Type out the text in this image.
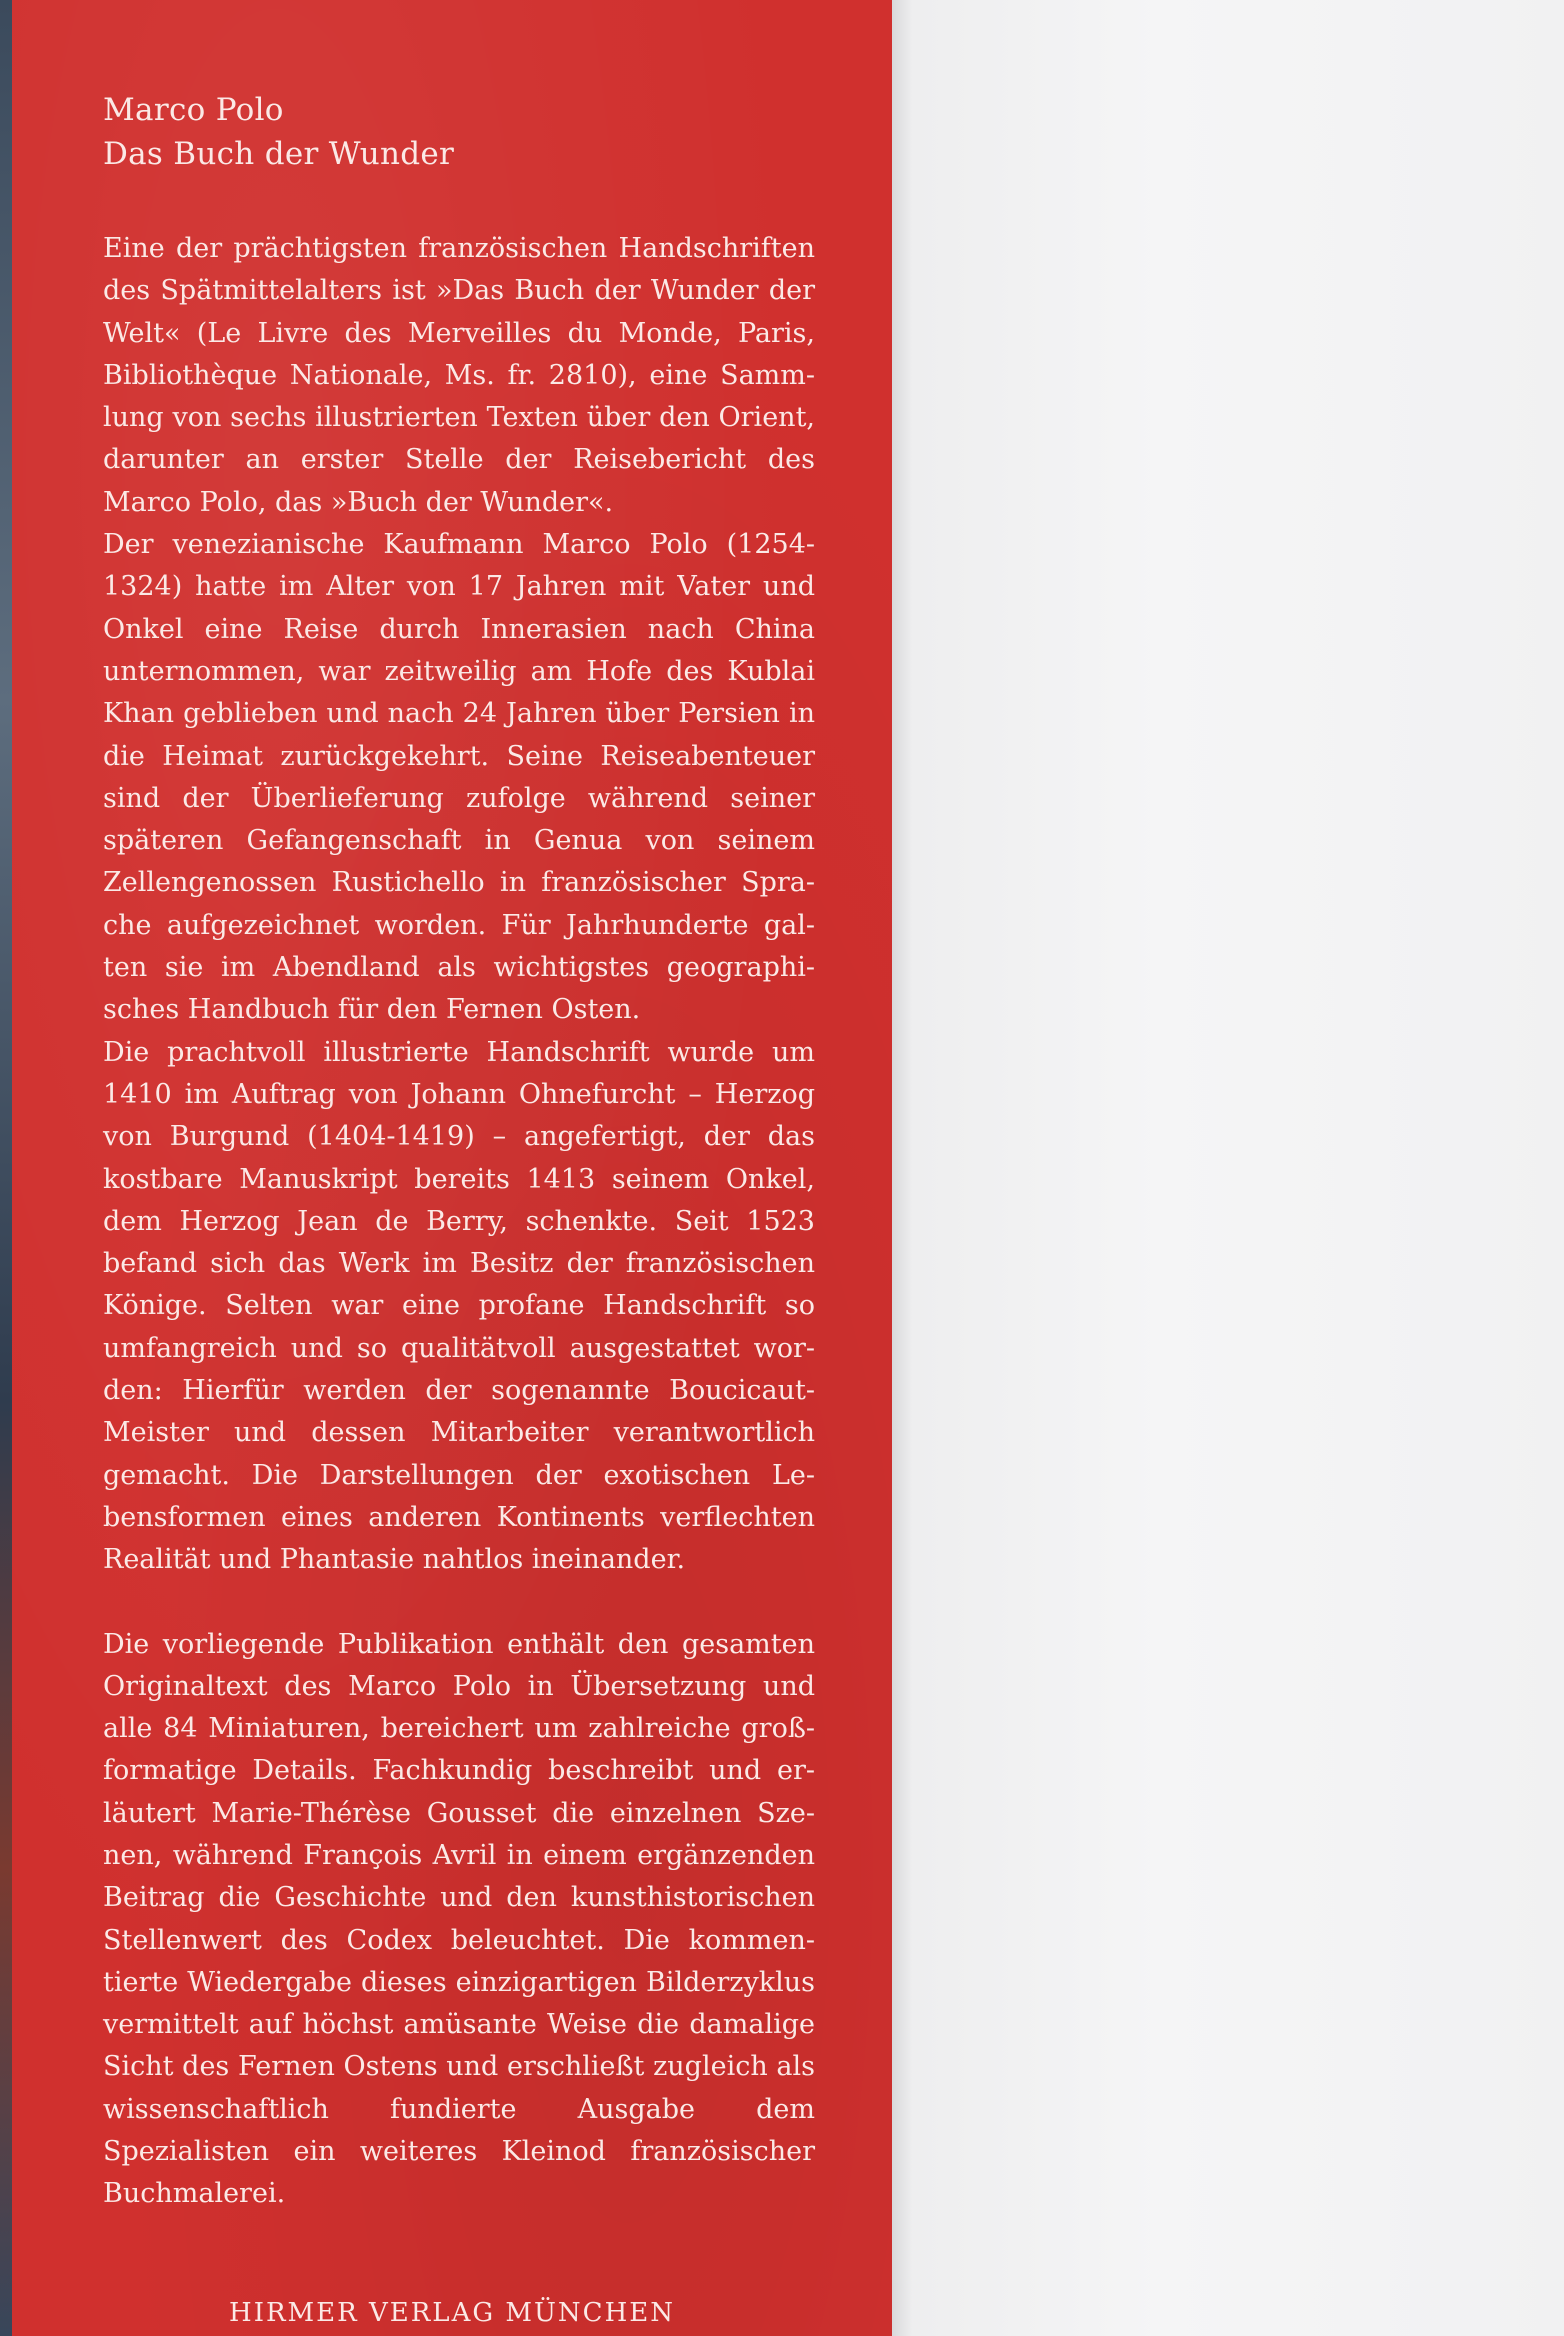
Marco Polo
Das Buch der Wunder

Eine der prächtigsten französischen Handschriften des Spätmittelalters ist »Das Buch der Wunder der Welt« (Le Livre des Merveilles du Monde, Paris, Bibliothèque Nationale, Ms. fr. 2810), eine Sammlung von sechs illustrierten Texten über den Orient, darunter an erster Stelle der Reisebericht des Marco Polo, das »Buch der Wunder«.

Der venezianische Kaufmann Marco Polo (1254-1324) hatte im Alter von 17 Jahren mit Vater und Onkel eine Reise durch Innerasien nach China unternommen, war zeitweilig am Hofe des Kublai Khan geblieben und nach 24 Jahren über Persien in die Heimat zurückgekehrt. Seine Reiseabenteuer sind der Überlieferung zufolge während seiner späteren Gefangenschaft in Genua von seinem Zellengenossen Rustichello in französischer Sprache aufgezeichnet worden. Für Jahrhunderte galten sie im Abendland als wichtigstes geographisches Handbuch für den Fernen Osten.

Die prachtvoll illustrierte Handschrift wurde um 1410 im Auftrag von Johann Ohnefurcht – Herzog von Burgund (1404-1419) – angefertigt, der das kostbare Manuskript bereits 1413 seinem Onkel, dem Herzog Jean de Berry, schenkte. Seit 1523 befand sich das Werk im Besitz der französischen Könige. Selten war eine profane Handschrift so umfangreich und so qualitätvoll ausgestattet worden: Hierfür werden der sogenannte Boucicaut-Meister und dessen Mitarbeiter verantwortlich gemacht. Die Darstellungen der exotischen Lebensformen eines anderen Kontinents verflechten Realität und Phantasie nahtlos ineinander.

Die vorliegende Publikation enthält den gesamten Originaltext des Marco Polo in Übersetzung und alle 84 Miniaturen, bereichert um zahlreiche großformatige Details. Fachkundig beschreibt und erläutert Marie-Thérèse Gousset die einzelnen Szenen, während François Avril in einem ergänzenden Beitrag die Geschichte und den kunsthistorischen Stellenwert des Codex beleuchtet. Die kommentierte Wiedergabe dieses einzigartigen Bilderzyklus vermittelt auf höchst amüsante Weise die damalige Sicht des Fernen Ostens und erschließt zugleich als wissenschaftlich fundierte Ausgabe dem Spezialisten ein weiteres Kleinod französischer Buchmalerei.

HIRMER VERLAG MÜNCHEN
